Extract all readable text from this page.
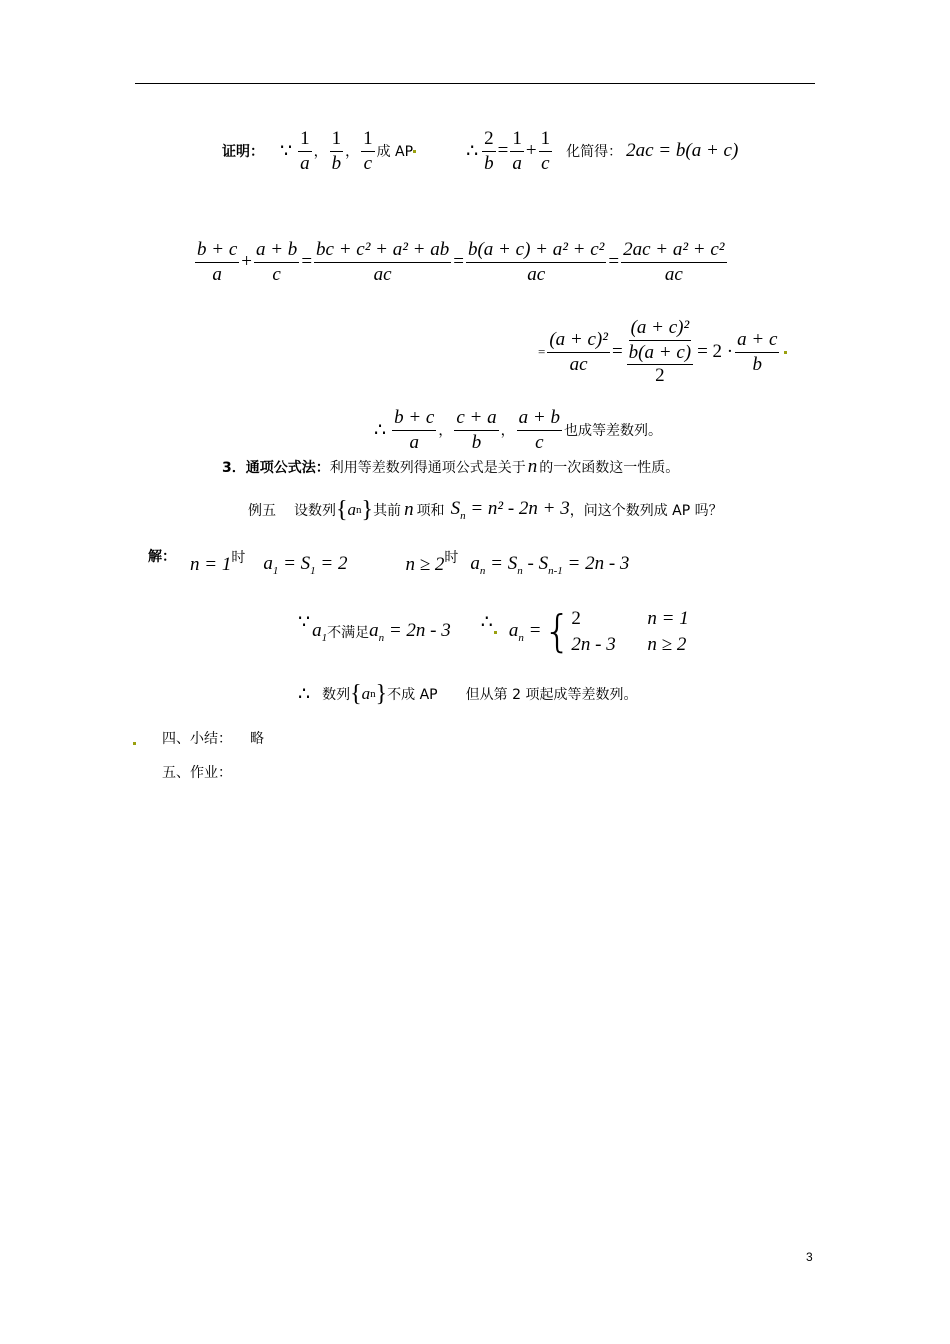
证明： ∵ $\frac{1}{a}$ ， $\frac{1}{b}$ ， $\frac{1}{c}$ 成 AP	∴ $\frac{2}{b} = \frac{1}{a} + \frac{1}{c}$ 化简得： 2ac = b(a + c)
$\frac{b + c}{a} + \frac{a + b}{c} = \frac{\text{bc + c² + a² + ab}}{ac} = \frac{\text{b(a + c) + a² + c²}}{ac} = \frac{\text{2ac + a² + c²}}{ac}$
= $\frac{\text{(a + c)²}}{ac} = (a + c)^2$
b(a + c)
$2 = 2 \cdot \frac{a + c}{b}$
∴ $\frac{b + c}{a}$ ， $\frac{c + a}{b}$ ， $\frac{a + b}{c}$ 也成等差数列。
3．通项公式法： 利用等差数列得通项公式是关于 n 的一次函数这一性质。
例五 设数列 { a n } 其前 n 项和 $S_n = n^2 - 2n + 3$ ，问这个数列成 AP 吗？
解： n = 1 时 $a_1 = S_1 = 2$	n ≥ 2 时 $a_n = S_n - S_{n-1} = 2n - 3$
∵ $a_1$ 不满足 $a_n = 2n - 3$ ∴ $a_n$ = { 2	n = 1
2n - 3	n ≥ 2
∴ 数列 { a n } 不成 AP 但从第 2 项起成等差数列。
四、小结： 略
五、作业：
3
